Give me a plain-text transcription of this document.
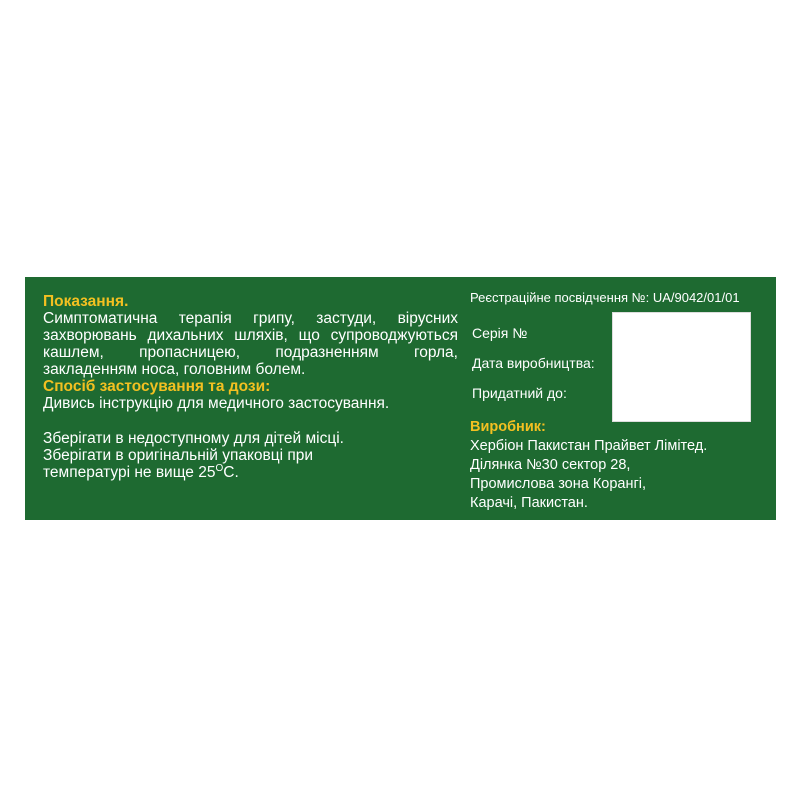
Показання.
Симптоматична терапія грипу, застуди, вірусних захворювань дихальних шляхів, що супроводжуються кашлем, пропасницею, подразненням горла, закладенням носа, головним болем.
Спосіб застосування та дози:
Дивись інструкцію для медичного застосування.
Зберігати в недоступному для дітей місці.
Зберігати в оригінальній упаковці при
температурі не вище $25^OС$.
Реєстраційне посвідчення №: UA/9042/01/01
Серія №
Дата виробництва:
Придатний до:
Виробник:
Хербіон Пакистан Прайвет Лімітед.
Ділянка №30 сектор 28,
Промислова зона Корангі,
Карачі, Пакистан.
